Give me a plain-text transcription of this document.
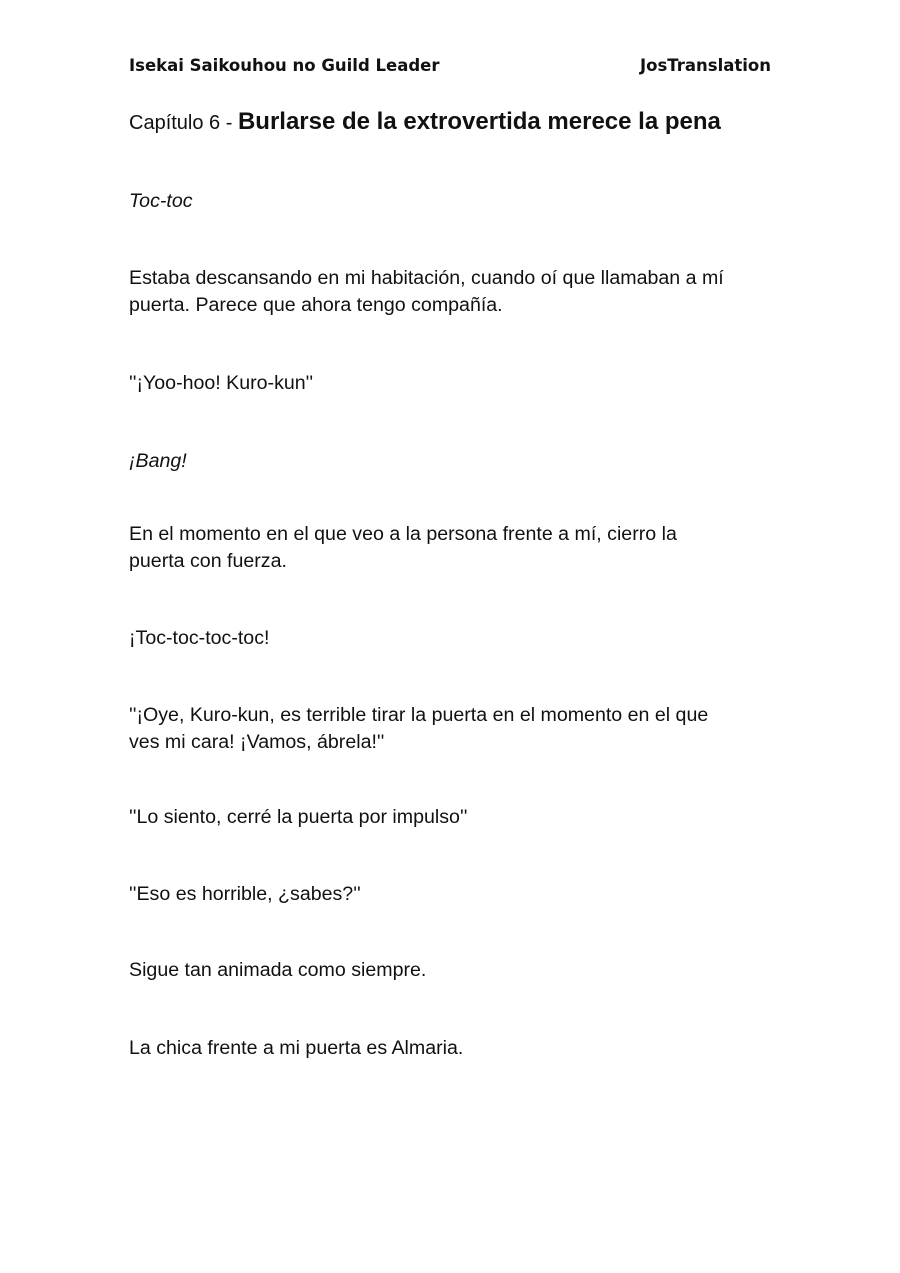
Isekai Saikouhou no Guild Leader	JosTranslation
Capítulo 6 - Burlarse de la extrovertida merece la pena

Toc-toc

Estaba descansando en mi habitación, cuando oí que llamaban a mí
puerta. Parece que ahora tengo compañía.

''¡Yoo-hoo! Kuro-kun''

¡Bang!

En el momento en el que veo a la persona frente a mí, cierro la
puerta con fuerza.

¡Toc-toc-toc-toc!

''¡Oye, Kuro-kun, es terrible tirar la puerta en el momento en el que
ves mi cara! ¡Vamos, ábrela!''

''Lo siento, cerré la puerta por impulso''

''Eso es horrible, ¿sabes?''

Sigue tan animada como siempre.

La chica frente a mi puerta es Almaria.
